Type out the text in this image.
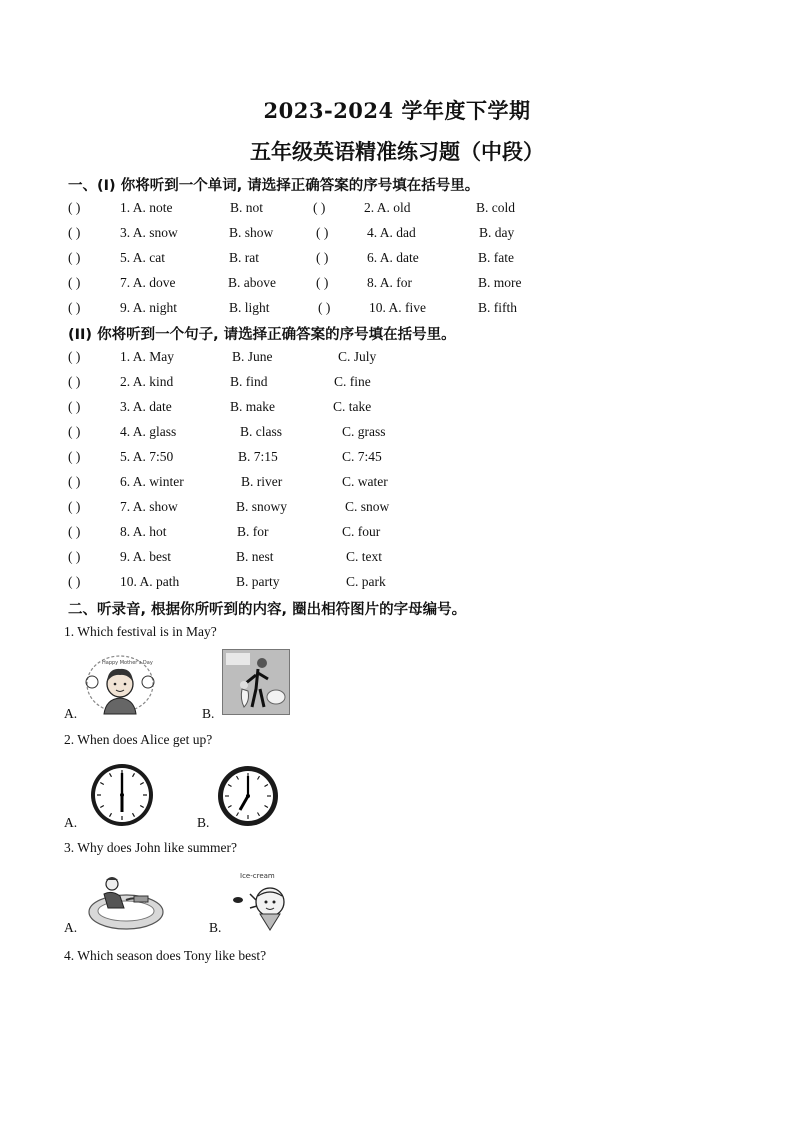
2023-2024 学年度下学期
五年级英语精准练习题（中段）
一、(I) 你将听到一个单词, 请选择正确答案的序号填在括号里。
( )	1. A. note	B. not	( )	2. A. old	B. cold
( )	3. A. snow	B. show	( )	4. A. dad	B. day
( )	5. A. cat	B. rat	( )	6. A. date	B. fate
( )	7. A. dove	B. above	( )	8. A. for	B. more
( )	9. A. night	B. light	( )	10. A. five	B. fifth
(II) 你将听到一个句子, 请选择正确答案的序号填在括号里。
( )	1. A. May	B. June	C. July
( )	2. A. kind	B. find	C. fine
( )	3. A. date	B. make	C. take
( )	4. A. glass	B. class	C. grass
( )	5. A. 7:50	B. 7:15	C. 7:45
( )	6. A. winter	B. river	C. water
( )	7. A. show	B. snowy	C. snow
( )	8. A. hot	B. for	C. four
( )	9. A. best	B. nest	C. text
( )	10. A. path	B. party	C. park
二、听录音, 根据你所听到的内容, 圈出相符图片的字母编号。
1. Which festival is in May?
A.
Happy Mother's Day
B.
2. When does Alice get up?
A.	B.
3. Why does John like summer?
A.	B.
Ice-cream
4. Which season does Tony like best?
